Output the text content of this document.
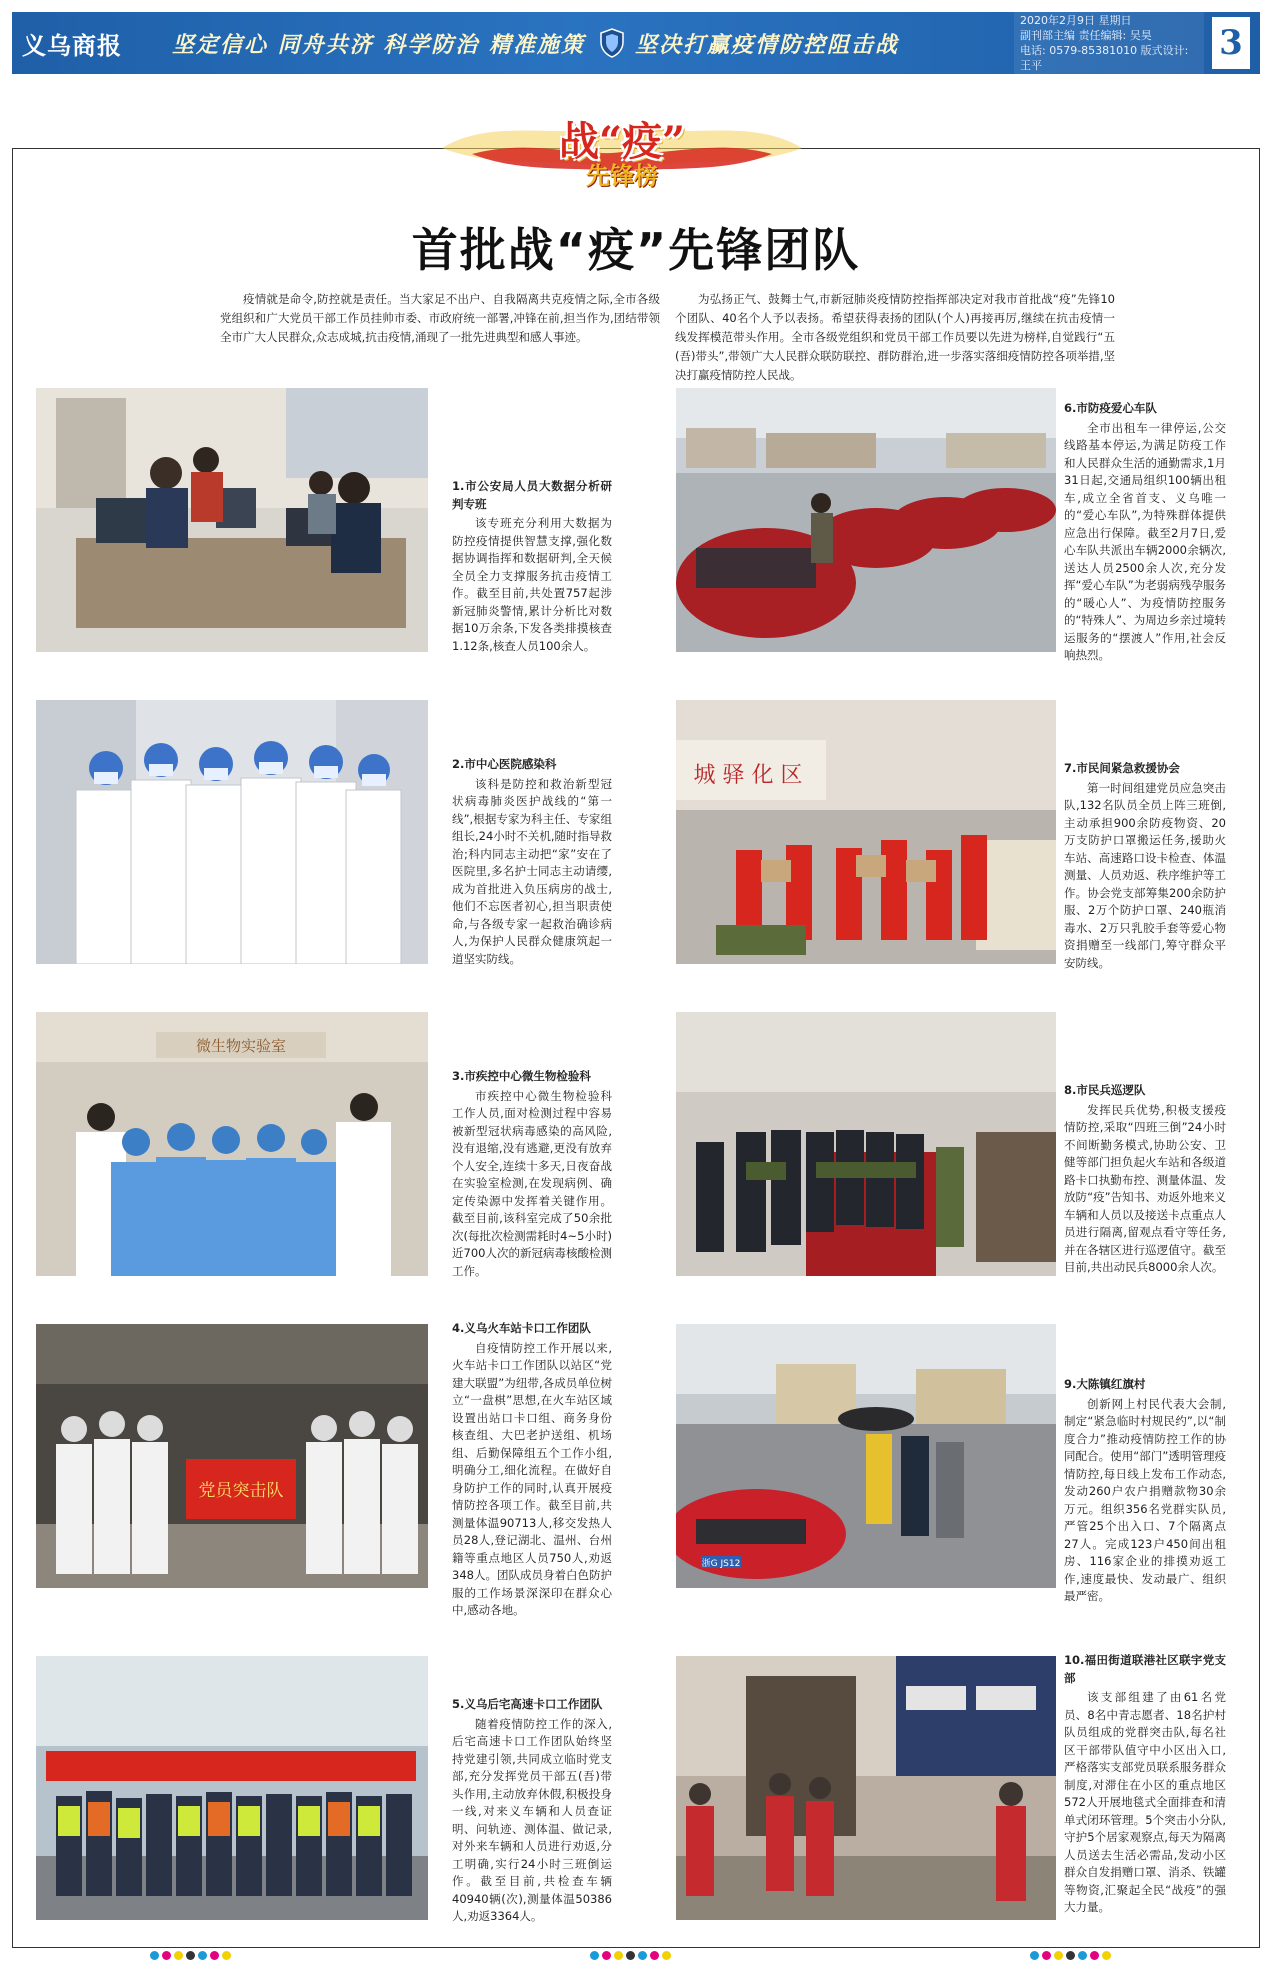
义乌商报	坚定信心 同舟共济 科学防治 精准施策 坚决打赢疫情防控阻击战
2020年2月9日 星期日
副刊部主编 责任编辑: 吴昊
电话: 0579-85381010 版式设计: 王平
3
战“疫”
先锋榜
首批战“疫”先锋团队

疫情就是命令,防控就是责任。当大家足不出户、自我隔离共克疫情之际,全市各级党组织和广大党员干部工作员挂帅市委、市政府统一部署,冲锋在前,担当作为,团结带领全市广大人民群众,众志成城,抗击疫情,涌现了一批先进典型和感人事迹。

为弘扬正气、鼓舞士气,市新冠肺炎疫情防控指挥部决定对我市首批战“疫”先锋10个团队、40名个人予以表扬。希望获得表扬的团队(个人)再接再厉,继续在抗击疫情一线发挥模范带头作用。全市各级党组织和党员干部工作员要以先进为榜样,自觉践行“五(吾)带头”,带领广大人民群众联防联控、群防群治,进一步落实落细疫情防控各项举措,坚决打赢疫情防控人民战。

1.市公安局人员大数据分析研判专班
该专班充分利用大数据为防控疫情提供智慧支撑,强化数据协调指挥和数据研判,全天候全员全力支撑服务抗击疫情工作。截至目前,共处置757起涉新冠肺炎警情,累计分析比对数据10万余条,下发各类排摸核查1.12条,核查人员100余人。
2.市中心医院感染科
该科是防控和救治新型冠状病毒肺炎医护战线的“第一线”,根据专家为科主任、专家组组长,24小时不关机,随时指导救治;科内同志主动把“家”安在了医院里,多名护士同志主动请缨,成为首批进入负压病房的战士,他们不忘医者初心,担当职责使命,与各级专家一起救治确诊病人,为保护人民群众健康筑起一道坚实防线。
微生物实验室
3.市疾控中心微生物检验科
市疾控中心微生物检验科工作人员,面对检测过程中容易被新型冠状病毒感染的高风险,没有退缩,没有逃避,更没有放弃个人安全,连续十多天,日夜奋战在实验室检测,在发现病例、确定传染源中发挥着关键作用。截至目前,该科室完成了50余批次(每批次检测需耗时4~5小时)近700人次的新冠病毒核酸检测工作。
党员突击队
4.义乌火车站卡口工作团队
自疫情防控工作开展以来,火车站卡口工作团队以站区“党建大联盟”为纽带,各成员单位树立“一盘棋”思想,在火车站区域设置出站口卡口组、商务身份核查组、大巴老护送组、机场组、后勤保障组五个工作小组,明确分工,细化流程。在做好自身防护工作的同时,认真开展疫情防控各项工作。截至目前,共测量体温90713人,移交发热人员28人,登记湖北、温州、台州籍等重点地区人员750人,劝返348人。团队成员身着白色防护服的工作场景深深印在群众心中,感动各地。
5.义乌后宅高速卡口工作团队
随着疫情防控工作的深入,后宅高速卡口工作团队始终坚持党建引领,共同成立临时党支部,充分发挥党员干部五(吾)带头作用,主动放弃休假,积极投身一线,对来义车辆和人员查证明、问轨迹、测体温、做记录,对外来车辆和人员进行劝返,分工明确,实行24小时三班倒运作。截至目前,共检查车辆40940辆(次),测量体温50386人,劝返3364人。
6.市防疫爱心车队
全市出租车一律停运,公交线路基本停运,为满足防疫工作和人民群众生活的通勤需求,1月31日起,交通局组织100辆出租车,成立全省首支、义乌唯一的“爱心车队”,为特殊群体提供应急出行保障。截至2月7日,爱心车队共派出车辆2000余辆次,送达人员2500余人次,充分发挥“爱心车队”为老弱病残孕服务的“暖心人”、为疫情防控服务的“特殊人”、为周边乡亲过境转运服务的“摆渡人”作用,社会反响热烈。
城 驿 化 区	7.市民间紧急救援协会
第一时间组建党员应急突击队,132名队员全员上阵三班倒,主动承担900余防疫物资、20万支防护口罩搬运任务,援助火车站、高速路口设卡检查、体温测量、人员劝返、秩序维护等工作。协会党支部筹集200余防护服、2万个防护口罩、240瓶消毒水、2万只乳胶手套等爱心物资捐赠至一线部门,筹守群众平安防线。
8.市民兵巡逻队
发挥民兵优势,积极支援疫情防控,采取“四班三倒”24小时不间断勤务模式,协助公安、卫健等部门担负起火车站和各级道路卡口执勤布控、测量体温、发放防“疫”告知书、劝返外地来义车辆和人员以及接送卡点重点人员进行隔离,留观点看守等任务,并在各辖区进行巡逻值守。截至目前,共出动民兵8000余人次。
浙G JS12
9.大陈镇红旗村
创新网上村民代表大会制,制定“紧急临时村规民约”,以“制度合力”推动疫情防控工作的协同配合。使用“部门”透明管理疫情防控,每日线上发布工作动态,发动260户农户捐赠款物30余万元。组织356名党群实队员,严管25个出入口、7个隔离点27人。完成123户450间出租房、116家企业的排摸劝返工作,速度最快、发动最广、组织最严密。
10.福田街道联港社区联宇党支部
该支部组建了由61名党员、8名中青志愿者、18名护村队员组成的党群突击队,每名社区干部带队值守中小区出入口,严格落实支部党员联系服务群众制度,对滞住在小区的重点地区572人开展地毯式全面排查和清单式闭环管理。5个突击小分队,守护5个居家观察点,每天为隔离人员送去生活必需品,发动小区群众自发捐赠口罩、消杀、铁罐等物资,汇聚起全民“战疫”的强大力量。
